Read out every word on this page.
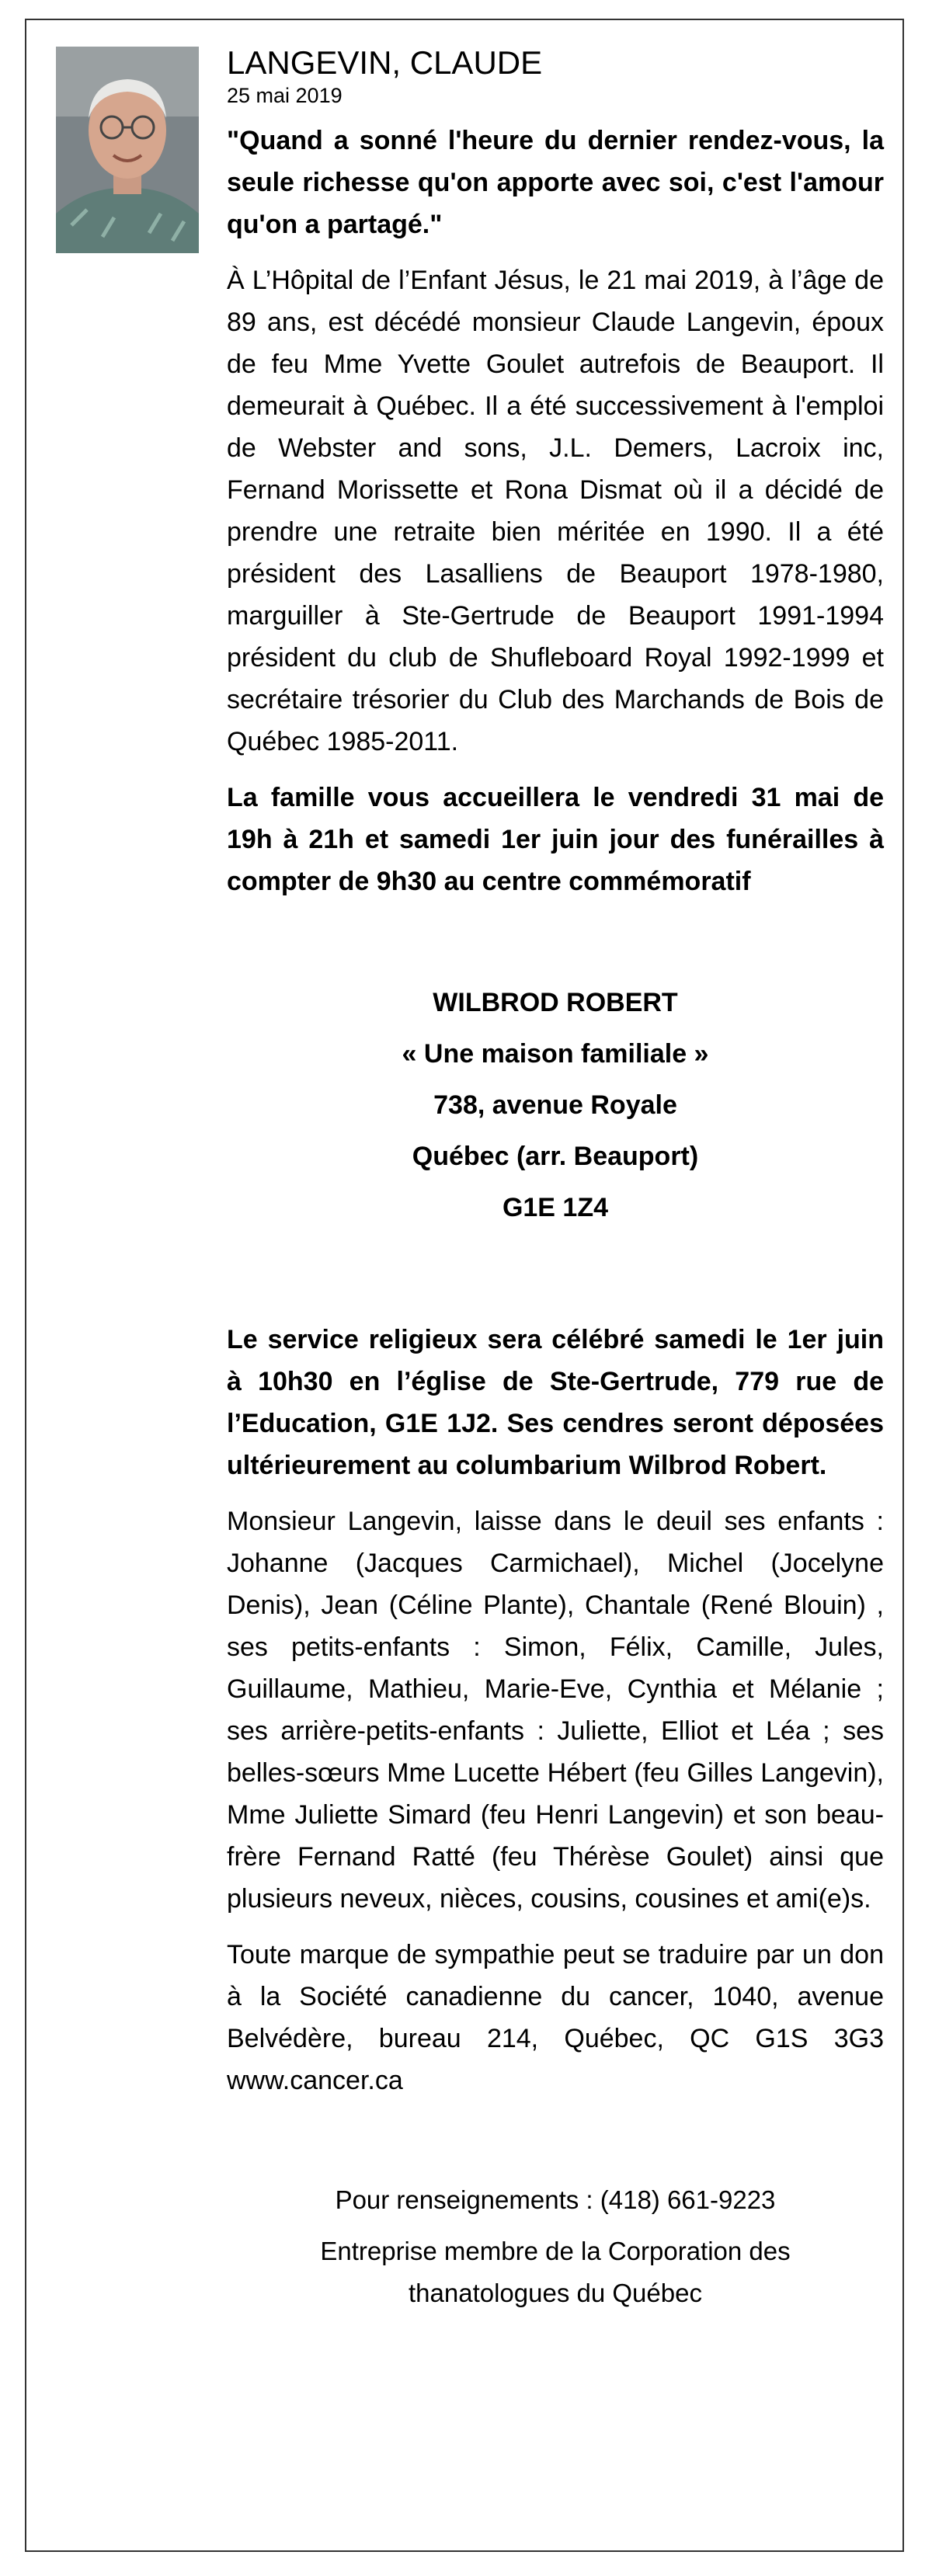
LANGEVIN, CLAUDE
25 mai 2019

"Quand a sonné l'heure du dernier rendez-vous, la seule richesse qu'on apporte avec soi, c'est l'amour qu'on a partagé."

À L’Hôpital de l’Enfant Jésus, le 21 mai 2019, à l’âge de 89 ans, est décédé monsieur Claude Langevin, époux de feu Mme Yvette Goulet autrefois de Beauport. Il demeurait à Québec. Il a été successivement à l'emploi de Webster and sons, J.L. Demers, Lacroix inc, Fernand Morissette et Rona Dismat où il a décidé de prendre une retraite bien méritée en 1990. Il a été président des Lasalliens de Beauport 1978-1980, marguiller à Ste-Gertrude de Beauport 1991-1994 président du club de Shufleboard Royal 1992-1999 et secrétaire trésorier du Club des Marchands de Bois de Québec 1985-2011.

La famille vous accueillera le vendredi 31 mai de 19h à 21h et samedi 1er juin jour des funérailles à compter de 9h30 au centre commémoratif

WILBROD ROBERT
« Une maison familiale »
738, avenue Royale
Québec (arr. Beauport)
G1E 1Z4

Le service religieux sera célébré samedi le 1er juin à 10h30 en l’église de Ste-Gertrude, 779 rue de l’Education, G1E 1J2. Ses cendres seront déposées ultérieurement au columbarium Wilbrod Robert.

Monsieur Langevin, laisse dans le deuil ses enfants : Johanne (Jacques Carmichael), Michel (Jocelyne Denis), Jean (Céline Plante), Chantale (René Blouin) , ses petits-enfants : Simon, Félix, Camille, Jules, Guillaume, Mathieu, Marie-Eve, Cynthia et Mélanie ; ses arrière-petits-enfants : Juliette, Elliot et Léa ; ses belles-sœurs Mme Lucette Hébert (feu Gilles Langevin), Mme Juliette Simard (feu Henri Langevin) et son beau-frère Fernand Ratté (feu Thérèse Goulet) ainsi que plusieurs neveux, nièces, cousins, cousines et ami(e)s.

Toute marque de sympathie peut se traduire par un don à la Société canadienne du cancer, 1040, avenue Belvédère, bureau 214, Québec, QC G1S 3G3 www.cancer.ca

Pour renseignements : (418) 661-9223
Entreprise membre de la Corporation des
thanatologues du Québec
